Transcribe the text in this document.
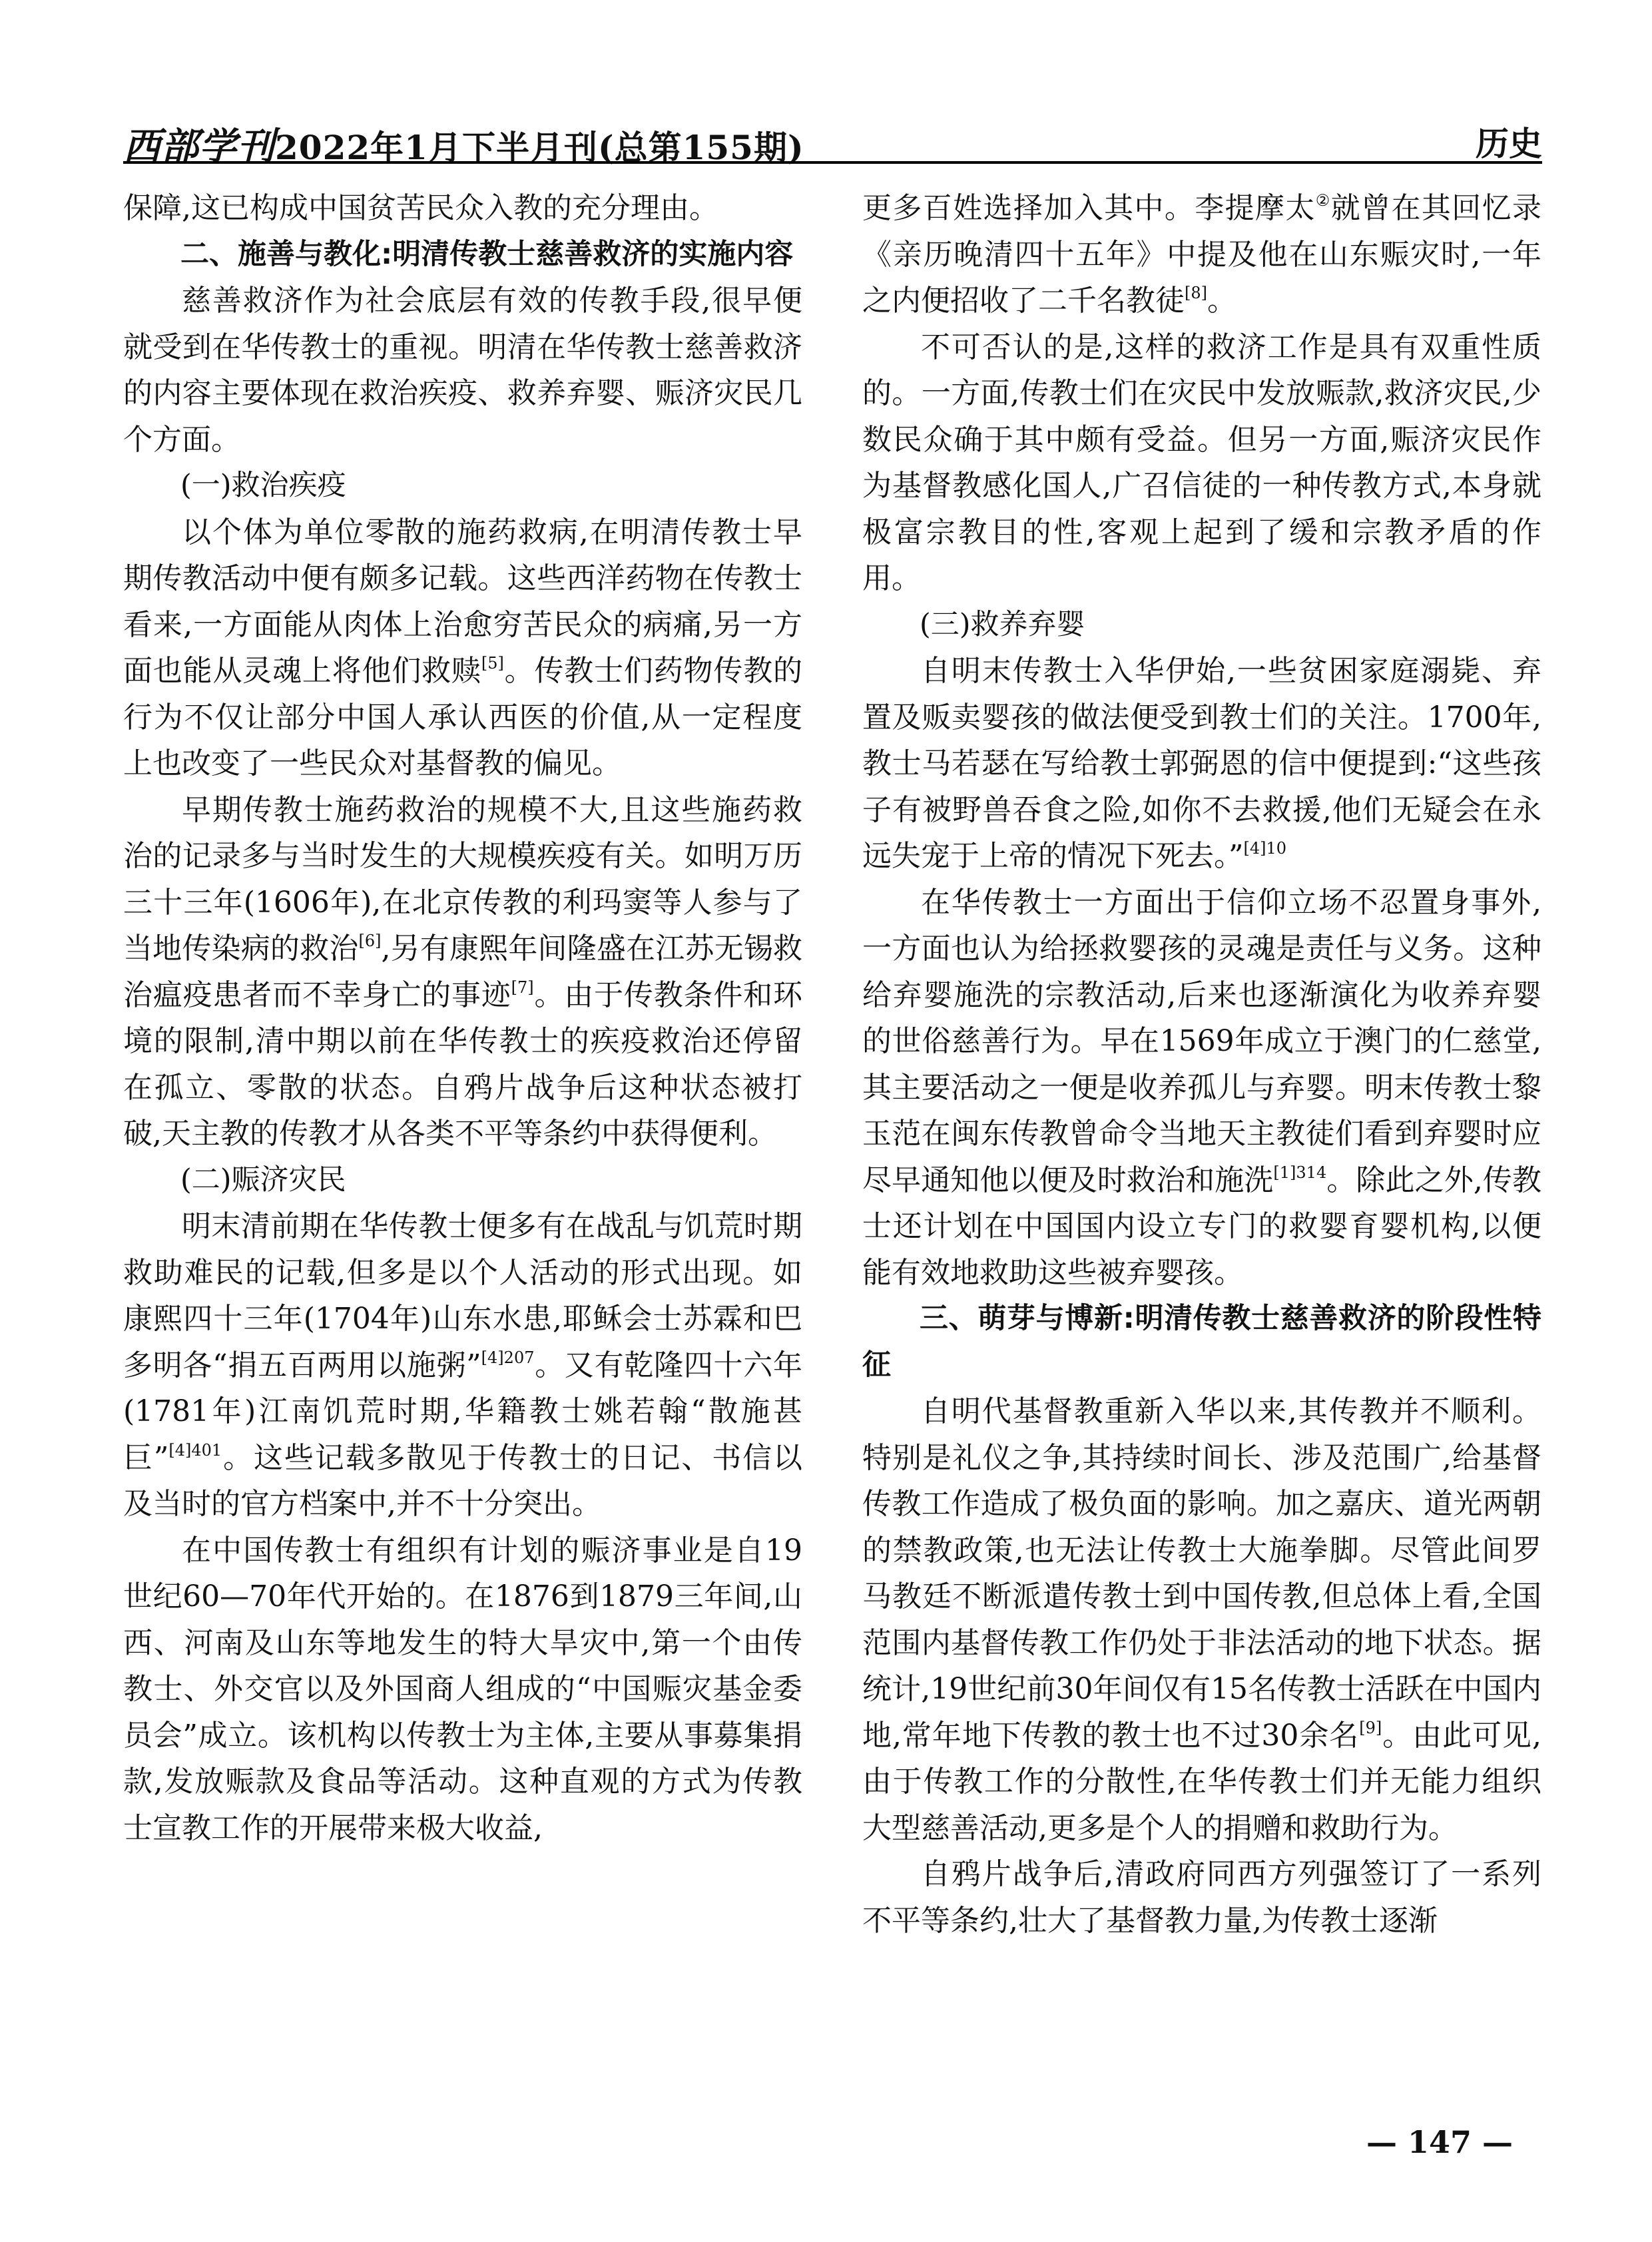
西部学刊2022年1月下半月刊(总第155期)	历史

保障,这已构成中国贫苦民众入教的充分理由。

二、施善与教化:明清传教士慈善救济的实施内容

慈善救济作为社会底层有效的传教手段,很早便就受到在华传教士的重视。明清在华传教士慈善救济的内容主要体现在救治疾疫、救养弃婴、赈济灾民几个方面。

(一)救治疾疫

以个体为单位零散的施药救病,在明清传教士早期传教活动中便有颇多记载。这些西洋药物在传教士看来,一方面能从肉体上治愈穷苦民众的病痛,另一方面也能从灵魂上将他们救赎[5]。传教士们药物传教的行为不仅让部分中国人承认西医的价值,从一定程度上也改变了一些民众对基督教的偏见。

早期传教士施药救治的规模不大,且这些施药救治的记录多与当时发生的大规模疾疫有关。如明万历三十三年(1606年),在北京传教的利玛窦等人参与了当地传染病的救治[6],另有康熙年间隆盛在江苏无锡救治瘟疫患者而不幸身亡的事迹[7]。由于传教条件和环境的限制,清中期以前在华传教士的疾疫救治还停留在孤立、零散的状态。自鸦片战争后这种状态被打破,天主教的传教才从各类不平等条约中获得便利。

(二)赈济灾民

明末清前期在华传教士便多有在战乱与饥荒时期救助难民的记载,但多是以个人活动的形式出现。如康熙四十三年(1704年)山东水患,耶稣会士苏霖和巴多明各“捐五百两用以施粥”$^{[4]207}$。又有乾隆四十六年(1781年)江南饥荒时期,华籍教士姚若翰“散施甚巨”$^{[4]401}$。这些记载多散见于传教士的日记、书信以及当时的官方档案中,并不十分突出。

在中国传教士有组织有计划的赈济事业是自19世纪60—70年代开始的。在1876到1879三年间,山西、河南及山东等地发生的特大旱灾中,第一个由传教士、外交官以及外国商人组成的“中国赈灾基金委员会”成立。该机构以传教士为主体,主要从事募集捐款,发放赈款及食品等活动。这种直观的方式为传教士宣教工作的开展带来极大收益,

更多百姓选择加入其中。李提摩太②就曾在其回忆录《亲历晚清四十五年》中提及他在山东赈灾时,一年之内便招收了二千名教徒[8]。

不可否认的是,这样的救济工作是具有双重性质的。一方面,传教士们在灾民中发放赈款,救济灾民,少数民众确于其中颇有受益。但另一方面,赈济灾民作为基督教感化国人,广召信徒的一种传教方式,本身就极富宗教目的性,客观上起到了缓和宗教矛盾的作用。

(三)救养弃婴

自明末传教士入华伊始,一些贫困家庭溺毙、弃置及贩卖婴孩的做法便受到教士们的关注。1700年,教士马若瑟在写给教士郭弼恩的信中便提到:“这些孩子有被野兽吞食之险,如你不去救援,他们无疑会在永远失宠于上帝的情况下死去。”$^{[4]10}$

在华传教士一方面出于信仰立场不忍置身事外,一方面也认为给拯救婴孩的灵魂是责任与义务。这种给弃婴施洗的宗教活动,后来也逐渐演化为收养弃婴的世俗慈善行为。早在1569年成立于澳门的仁慈堂,其主要活动之一便是收养孤儿与弃婴。明末传教士黎玉范在闽东传教曾命令当地天主教徒们看到弃婴时应尽早通知他以便及时救治和施洗$^{[1]314}$。除此之外,传教士还计划在中国国内设立专门的救婴育婴机构,以便能有效地救助这些被弃婴孩。

三、萌芽与博新:明清传教士慈善救济的阶段性特征

自明代基督教重新入华以来,其传教并不顺利。特别是礼仪之争,其持续时间长、涉及范围广,给基督传教工作造成了极负面的影响。加之嘉庆、道光两朝的禁教政策,也无法让传教士大施拳脚。尽管此间罗马教廷不断派遣传教士到中国传教,但总体上看,全国范围内基督传教工作仍处于非法活动的地下状态。据统计,19世纪前30年间仅有15名传教士活跃在中国内地,常年地下传教的教士也不过30余名[9]。由此可见,由于传教工作的分散性,在华传教士们并无能力组织大型慈善活动,更多是个人的捐赠和救助行为。

自鸦片战争后,清政府同西方列强签订了一系列不平等条约,壮大了基督教力量,为传教士逐渐

— 147 —
